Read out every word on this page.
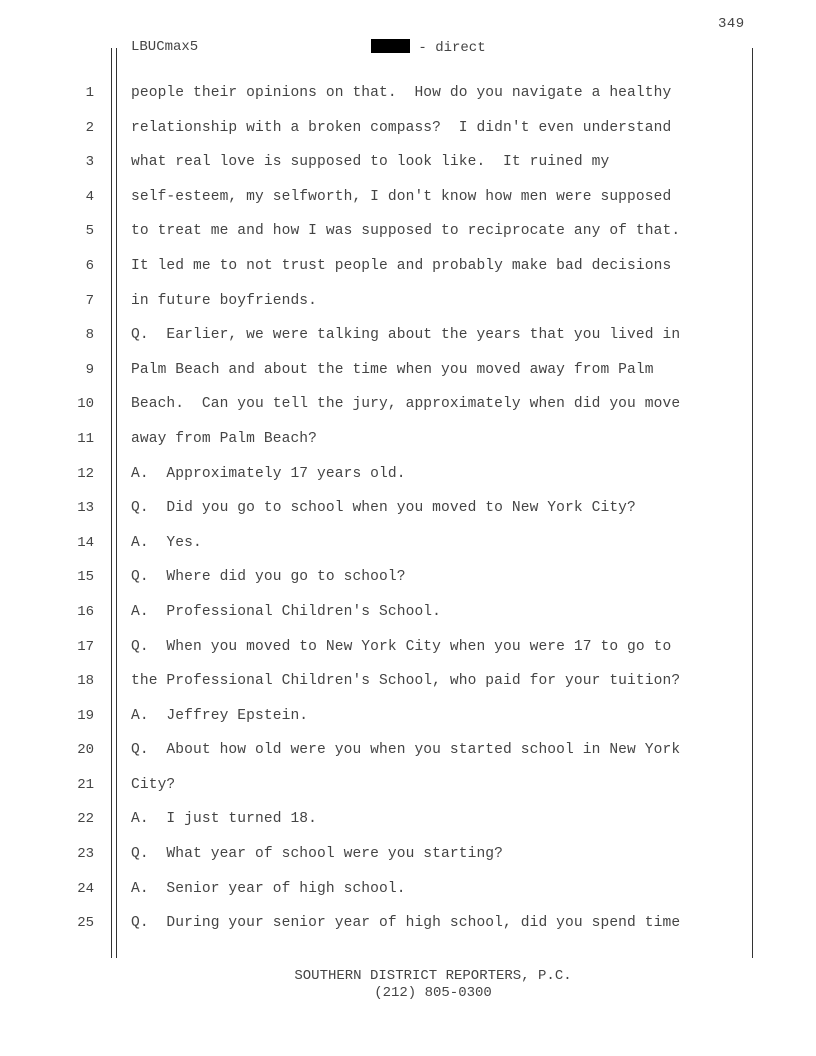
349
LBUCmax5	- direct
1	people their opinions on that.  How do you navigate a healthy
2	relationship with a broken compass?  I didn't even understand
3	what real love is supposed to look like.  It ruined my
4	self-esteem, my selfworth, I don't know how men were supposed
5	to treat me and how I was supposed to reciprocate any of that.
6	It led me to not trust people and probably make bad decisions
7	in future boyfriends.
8	Q.  Earlier, we were talking about the years that you lived in
9	Palm Beach and about the time when you moved away from Palm
10	Beach.  Can you tell the jury, approximately when did you move
11	away from Palm Beach?
12	A.  Approximately 17 years old.
13	Q.  Did you go to school when you moved to New York City?
14	A.  Yes.
15	Q.  Where did you go to school?
16	A.  Professional Children's School.
17	Q.  When you moved to New York City when you were 17 to go to
18	the Professional Children's School, who paid for your tuition?
19	A.  Jeffrey Epstein.
20	Q.  About how old were you when you started school in New York
21	City?
22	A.  I just turned 18.
23	Q.  What year of school were you starting?
24	A.  Senior year of high school.
25	Q.  During your senior year of high school, did you spend time
SOUTHERN DISTRICT REPORTERS, P.C.
(212) 805-0300
